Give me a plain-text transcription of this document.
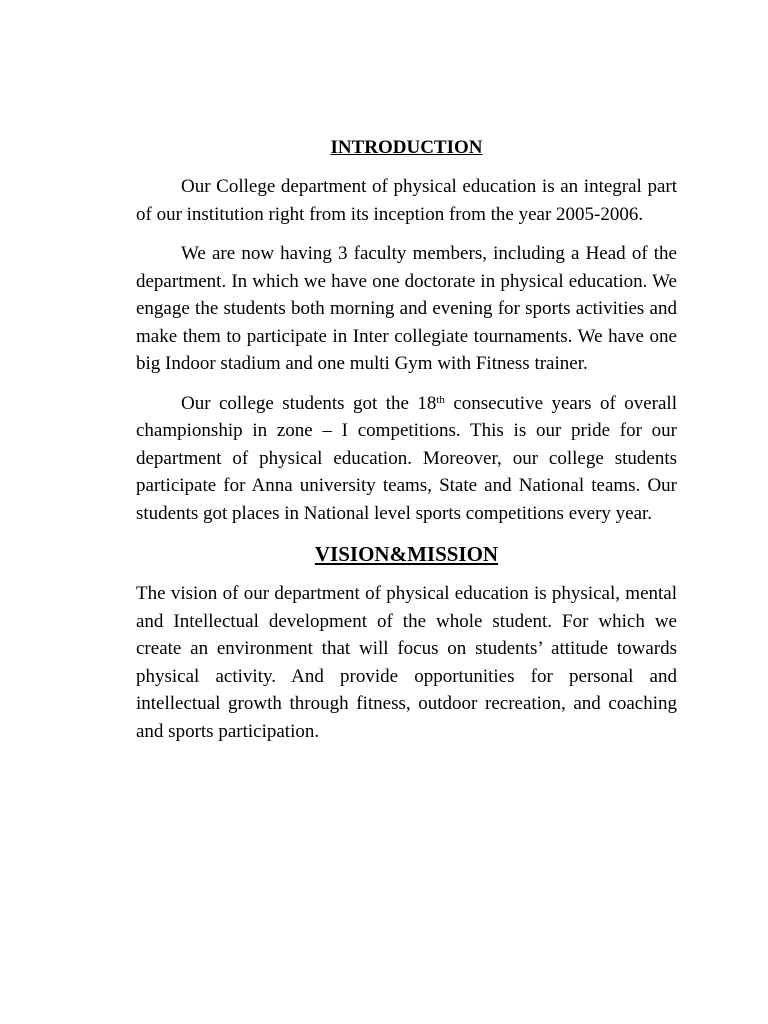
INTRODUCTION

Our College department of physical education is an integral part of our institution right from its inception from the year 2005-2006.

We are now having 3 faculty members, including a Head of the department. In which we have one doctorate in physical education. We engage the students both morning and evening for sports activities and make them to participate in Inter collegiate tournaments. We have one big Indoor stadium and one multi Gym with Fitness trainer.

Our college students got the 18th consecutive years of overall championship in zone – I competitions. This is our pride for our department of physical education. Moreover, our college students participate for Anna university teams, State and National teams. Our students got places in National level sports competitions every year.

VISION&MISSION

The vision of our department of physical education is physical, mental and Intellectual development of the whole student. For which we create an environment that will focus on students’ attitude towards physical activity. And provide opportunities for personal and intellectual growth through fitness, outdoor recreation, and coaching and sports participation.
